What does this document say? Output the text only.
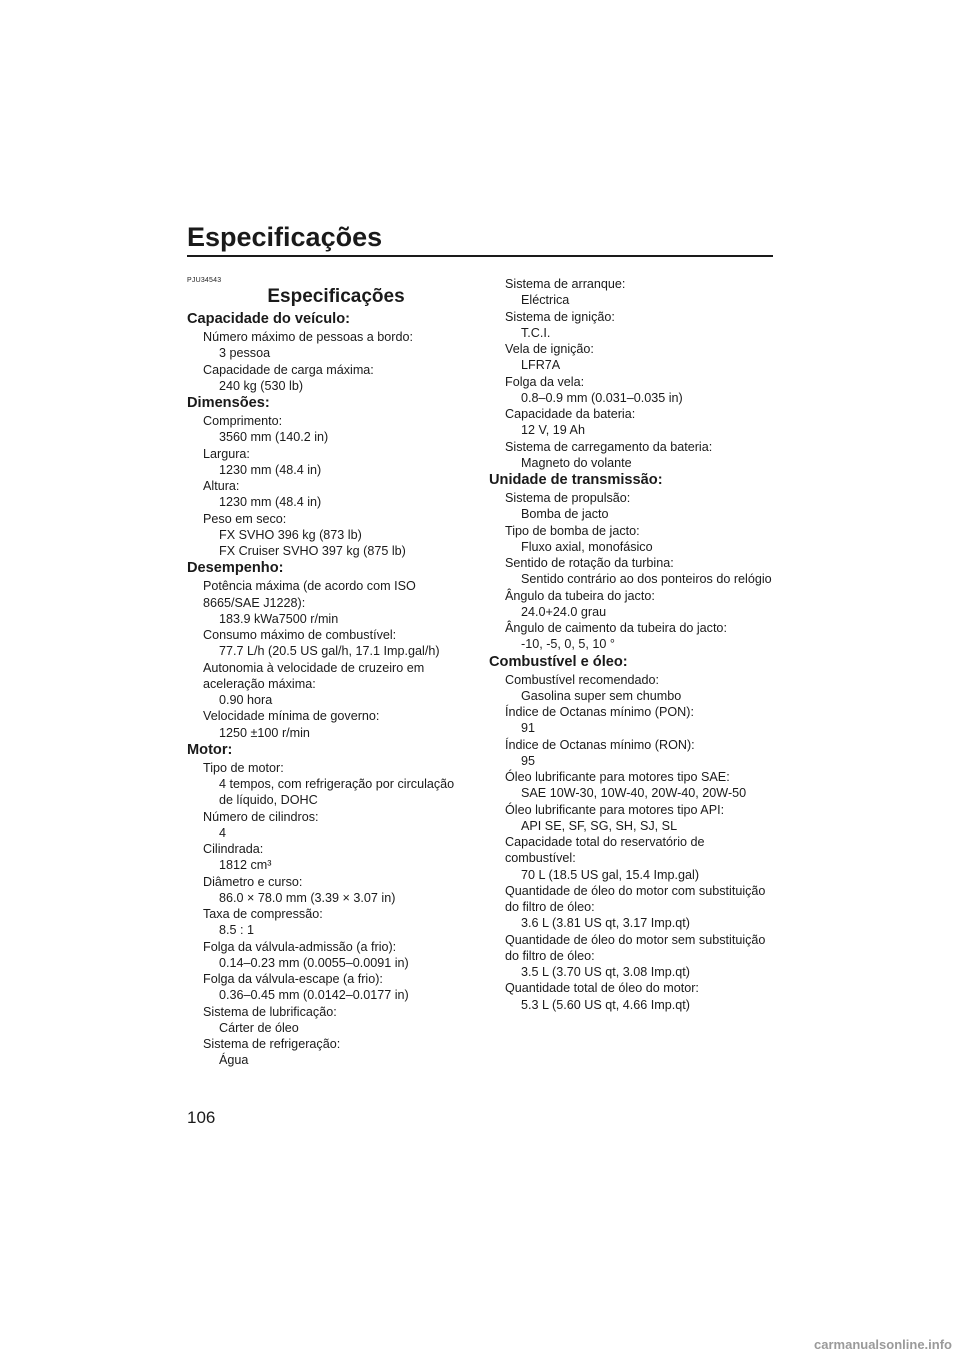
Especificações
PJU34543
Especificações
Capacidade do veículo:
Número máximo de pessoas a bordo:
3 pessoa
Capacidade de carga máxima:
240 kg (530 lb)
Dimensões:
Comprimento:
3560 mm (140.2 in)
Largura:
1230 mm (48.4 in)
Altura:
1230 mm (48.4 in)
Peso em seco:
FX SVHO 396 kg (873 lb)
FX Cruiser SVHO 397 kg (875 lb)
Desempenho:
Potência máxima (de acordo com ISO
8665/SAE J1228):
183.9 kWa7500 r/min
Consumo máximo de combustível:
77.7 L/h (20.5 US gal/h, 17.1 Imp.gal/h)
Autonomia à velocidade de cruzeiro em
aceleração máxima:
0.90 hora
Velocidade mínima de governo:
1250 ±100 r/min
Motor:
Tipo de motor:
4 tempos, com refrigeração por circulação
de líquido, DOHC
Número de cilindros:
4
Cilindrada:
1812 cm³
Diâmetro e curso:
86.0 × 78.0 mm (3.39 × 3.07 in)
Taxa de compressão:
8.5 : 1
Folga da válvula-admissão (a frio):
0.14–0.23 mm (0.0055–0.0091 in)
Folga da válvula-escape (a frio):
0.36–0.45 mm (0.0142–0.0177 in)
Sistema de lubrificação:
Cárter de óleo
Sistema de refrigeração:
Água
Sistema de arranque:
Eléctrica
Sistema de ignição:
T.C.I.
Vela de ignição:
LFR7A
Folga da vela:
0.8–0.9 mm (0.031–0.035 in)
Capacidade da bateria:
12 V, 19 Ah
Sistema de carregamento da bateria:
Magneto do volante
Unidade de transmissão:
Sistema de propulsão:
Bomba de jacto
Tipo de bomba de jacto:
Fluxo axial, monofásico
Sentido de rotação da turbina:
Sentido contrário ao dos ponteiros do relógio
Ângulo da tubeira do jacto:
24.0+24.0 grau
Ângulo de caimento da tubeira do jacto:
-10, -5, 0, 5, 10 °
Combustível e óleo:
Combustível recomendado:
Gasolina super sem chumbo
Índice de Octanas mínimo (PON):
91
Índice de Octanas mínimo (RON):
95
Óleo lubrificante para motores tipo SAE:
SAE 10W-30, 10W-40, 20W-40, 20W-50
Óleo lubrificante para motores tipo API:
API SE, SF, SG, SH, SJ, SL
Capacidade total do reservatório de
combustível:
70 L (18.5 US gal, 15.4 Imp.gal)
Quantidade de óleo do motor com substituição
do filtro de óleo:
3.6 L (3.81 US qt, 3.17 Imp.qt)
Quantidade de óleo do motor sem substituição
do filtro de óleo:
3.5 L (3.70 US qt, 3.08 Imp.qt)
Quantidade total de óleo do motor:
5.3 L (5.60 US qt, 4.66 Imp.qt)
106
carmanualsonline.info
